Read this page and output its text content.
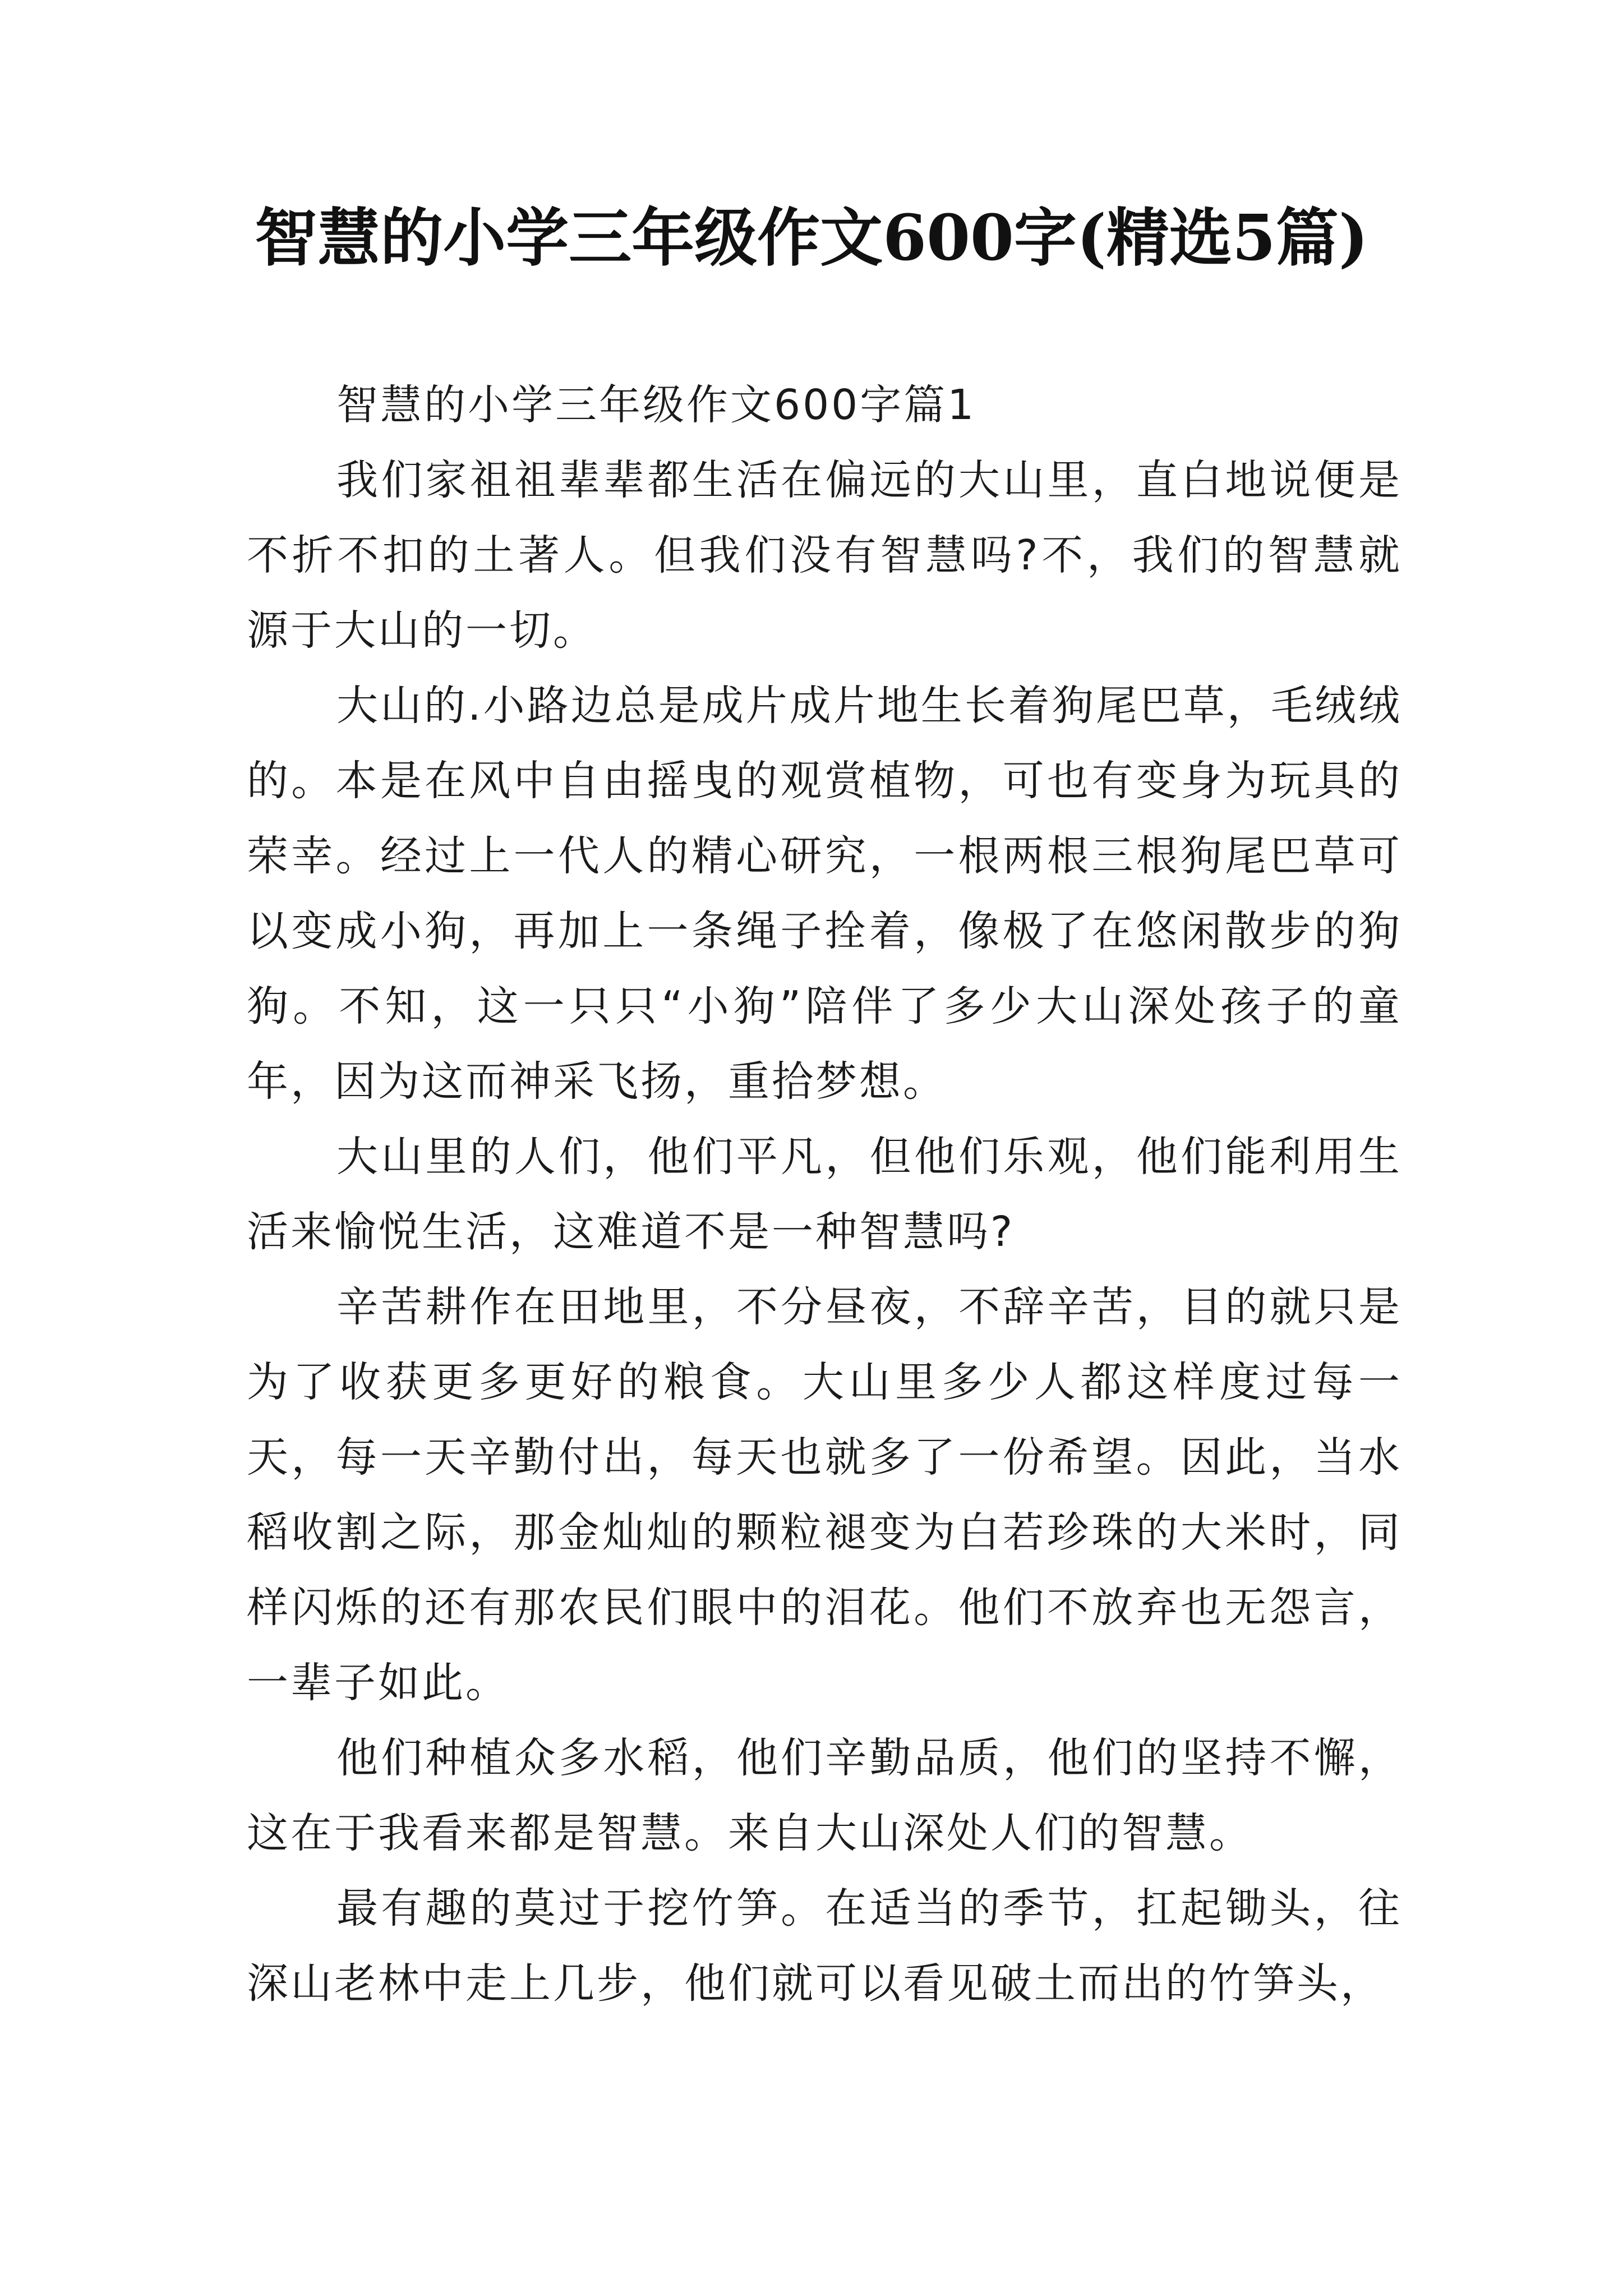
智慧的小学三年级作文600字(精选5篇)

智慧的小学三年级作文600字篇1

我们家祖祖辈辈都生活在偏远的大山里，直白地说便是不折不扣的土著人。但我们没有智慧吗?不，我们的智慧就源于大山的一切。

大山的.小路边总是成片成片地生长着狗尾巴草，毛绒绒的。本是在风中自由摇曳的观赏植物，可也有变身为玩具的荣幸。经过上一代人的精心研究，一根两根三根狗尾巴草可以变成小狗，再加上一条绳子拴着，像极了在悠闲散步的狗狗。不知，这一只只“小狗”陪伴了多少大山深处孩子的童年，因为这而神采飞扬，重拾梦想。

大山里的人们，他们平凡，但他们乐观，他们能利用生活来愉悦生活，这难道不是一种智慧吗?

辛苦耕作在田地里，不分昼夜，不辞辛苦，目的就只是为了收获更多更好的粮食。大山里多少人都这样度过每一天，每一天辛勤付出，每天也就多了一份希望。因此，当水稻收割之际，那金灿灿的颗粒褪变为白若珍珠的大米时，同样闪烁的还有那农民们眼中的泪花。他们不放弃也无怨言，一辈子如此。

他们种植众多水稻，他们辛勤品质，他们的坚持不懈，这在于我看来都是智慧。来自大山深处人们的智慧。

最有趣的莫过于挖竹笋。在适当的季节，扛起锄头，往深山老林中走上几步，他们就可以看见破土而出的竹笋头，
